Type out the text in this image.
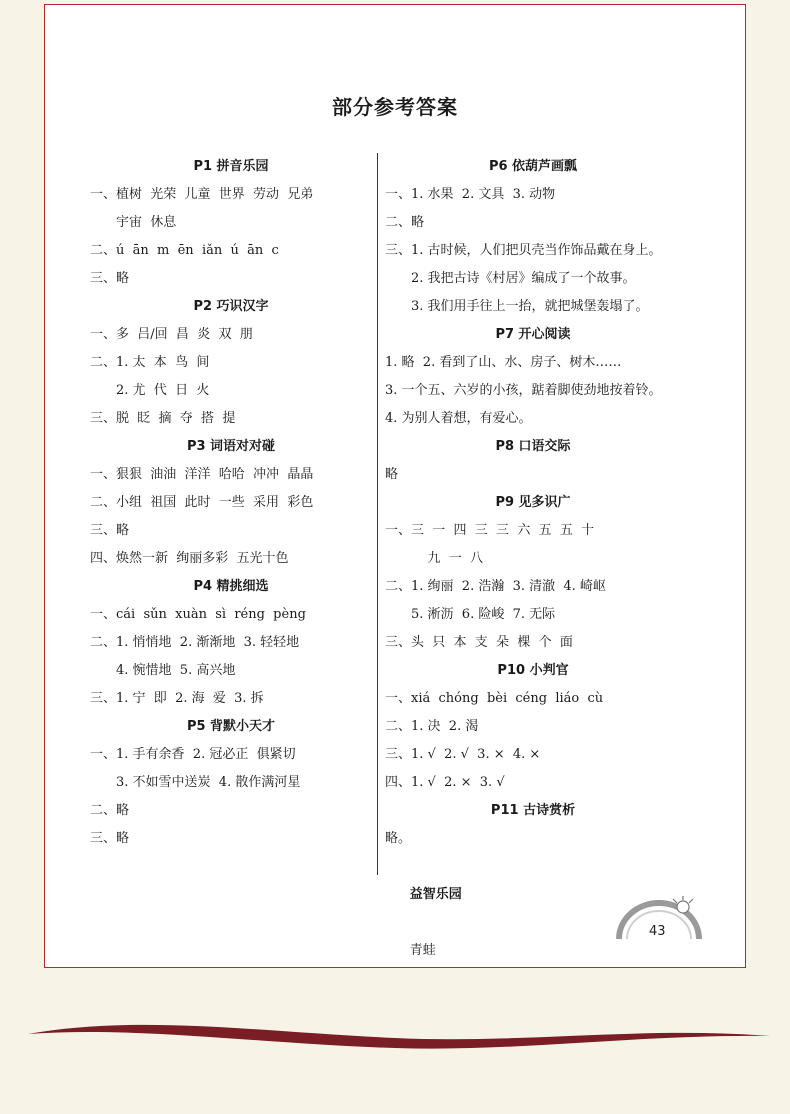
部分参考答案
P1 拼音乐园
一、植树  光荣  儿童  世界  劳动  兄弟
宇宙  休息
二、ú  ān  m  ēn  iǎn  ú  ān  c
三、略
P2 巧识汉字
一、多  吕/回  昌  炎  双  朋
二、1. 太  本  鸟  间
2. 尤  代  日  火
三、脱  眨  摘  夺  搭  提
P3 词语对对碰
一、狠狠  油油  洋洋  哈哈  冲冲  晶晶
二、小组  祖国  此时  一些  采用  彩色
三、略
四、焕然一新  绚丽多彩  五光十色
P4 精挑细选
一、cái  sǔn  xuàn  sì  réng  pèng
二、1. 悄悄地  2. 渐渐地  3. 轻轻地
4. 惋惜地  5. 高兴地
三、1. 宁  即  2. 海  爱  3. 拆
P5 背默小天才
一、1. 手有余香  2. 冠必正  俱紧切
3. 不如雪中送炭  4. 散作满河星
二、略
三、略
P6 依葫芦画瓢
一、1. 水果  2. 文具  3. 动物
二、略
三、1. 古时候，人们把贝壳当作饰品戴在身上。
2. 我把古诗《村居》编成了一个故事。
3. 我们用手往上一抬，就把城堡轰塌了。
P7 开心阅读
1. 略  2. 看到了山、水、房子、树木……
3. 一个五、六岁的小孩，踮着脚使劲地按着铃。
4. 为别人着想，有爱心。
P8 口语交际
略
P9 见多识广
一、三  一  四  三  三  六  五  五  十
九  一  八
二、1. 绚丽  2. 浩瀚  3. 清澈  4. 崎岖
5. 淅沥  6. 险峻  7. 无际
三、头  只  本  支  朵  棵  个  面
P10 小判官
一、xiá  chóng  bèi  céng  liáo  cù
二、1. 决  2. 渴
三、1. √  2. √  3. ×  4. ×
四、1. √  2. ×  3. √
P11 古诗赏析
略。

益智乐园

青蛙

43
